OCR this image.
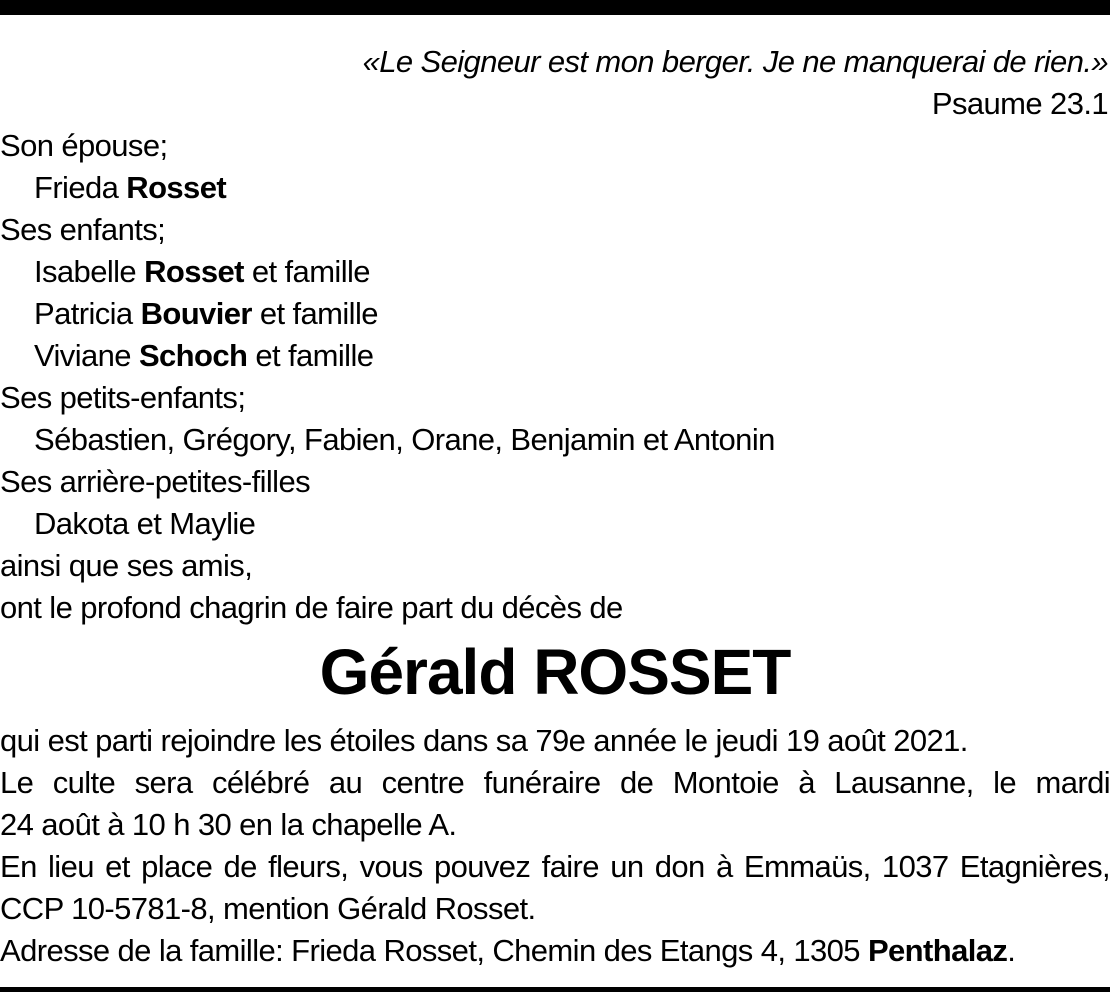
«Le Seigneur est mon berger. Je ne manquerai de rien.»
Psaume 23.1
Son épouse;
Frieda Rosset
Ses enfants;
Isabelle Rosset et famille
Patricia Bouvier et famille
Viviane Schoch et famille
Ses petits-enfants;
Sébastien, Grégory, Fabien, Orane, Benjamin et Antonin
Ses arrière-petites-filles
Dakota et Maylie
ainsi que ses amis,
ont le profond chagrin de faire part du décès de
Gérald ROSSET
qui est parti rejoindre les étoiles dans sa 79e année le jeudi 19 août 2021.
Le culte sera célébré au centre funéraire de Montoie à Lausanne, le mardi
24 août à 10 h 30 en la chapelle A.
En lieu et place de fleurs, vous pouvez faire un don à Emmaüs, 1037 Etagnières,
CCP 10-5781-8, mention Gérald Rosset.
Adresse de la famille: Frieda Rosset, Chemin des Etangs 4, 1305 Penthalaz.
